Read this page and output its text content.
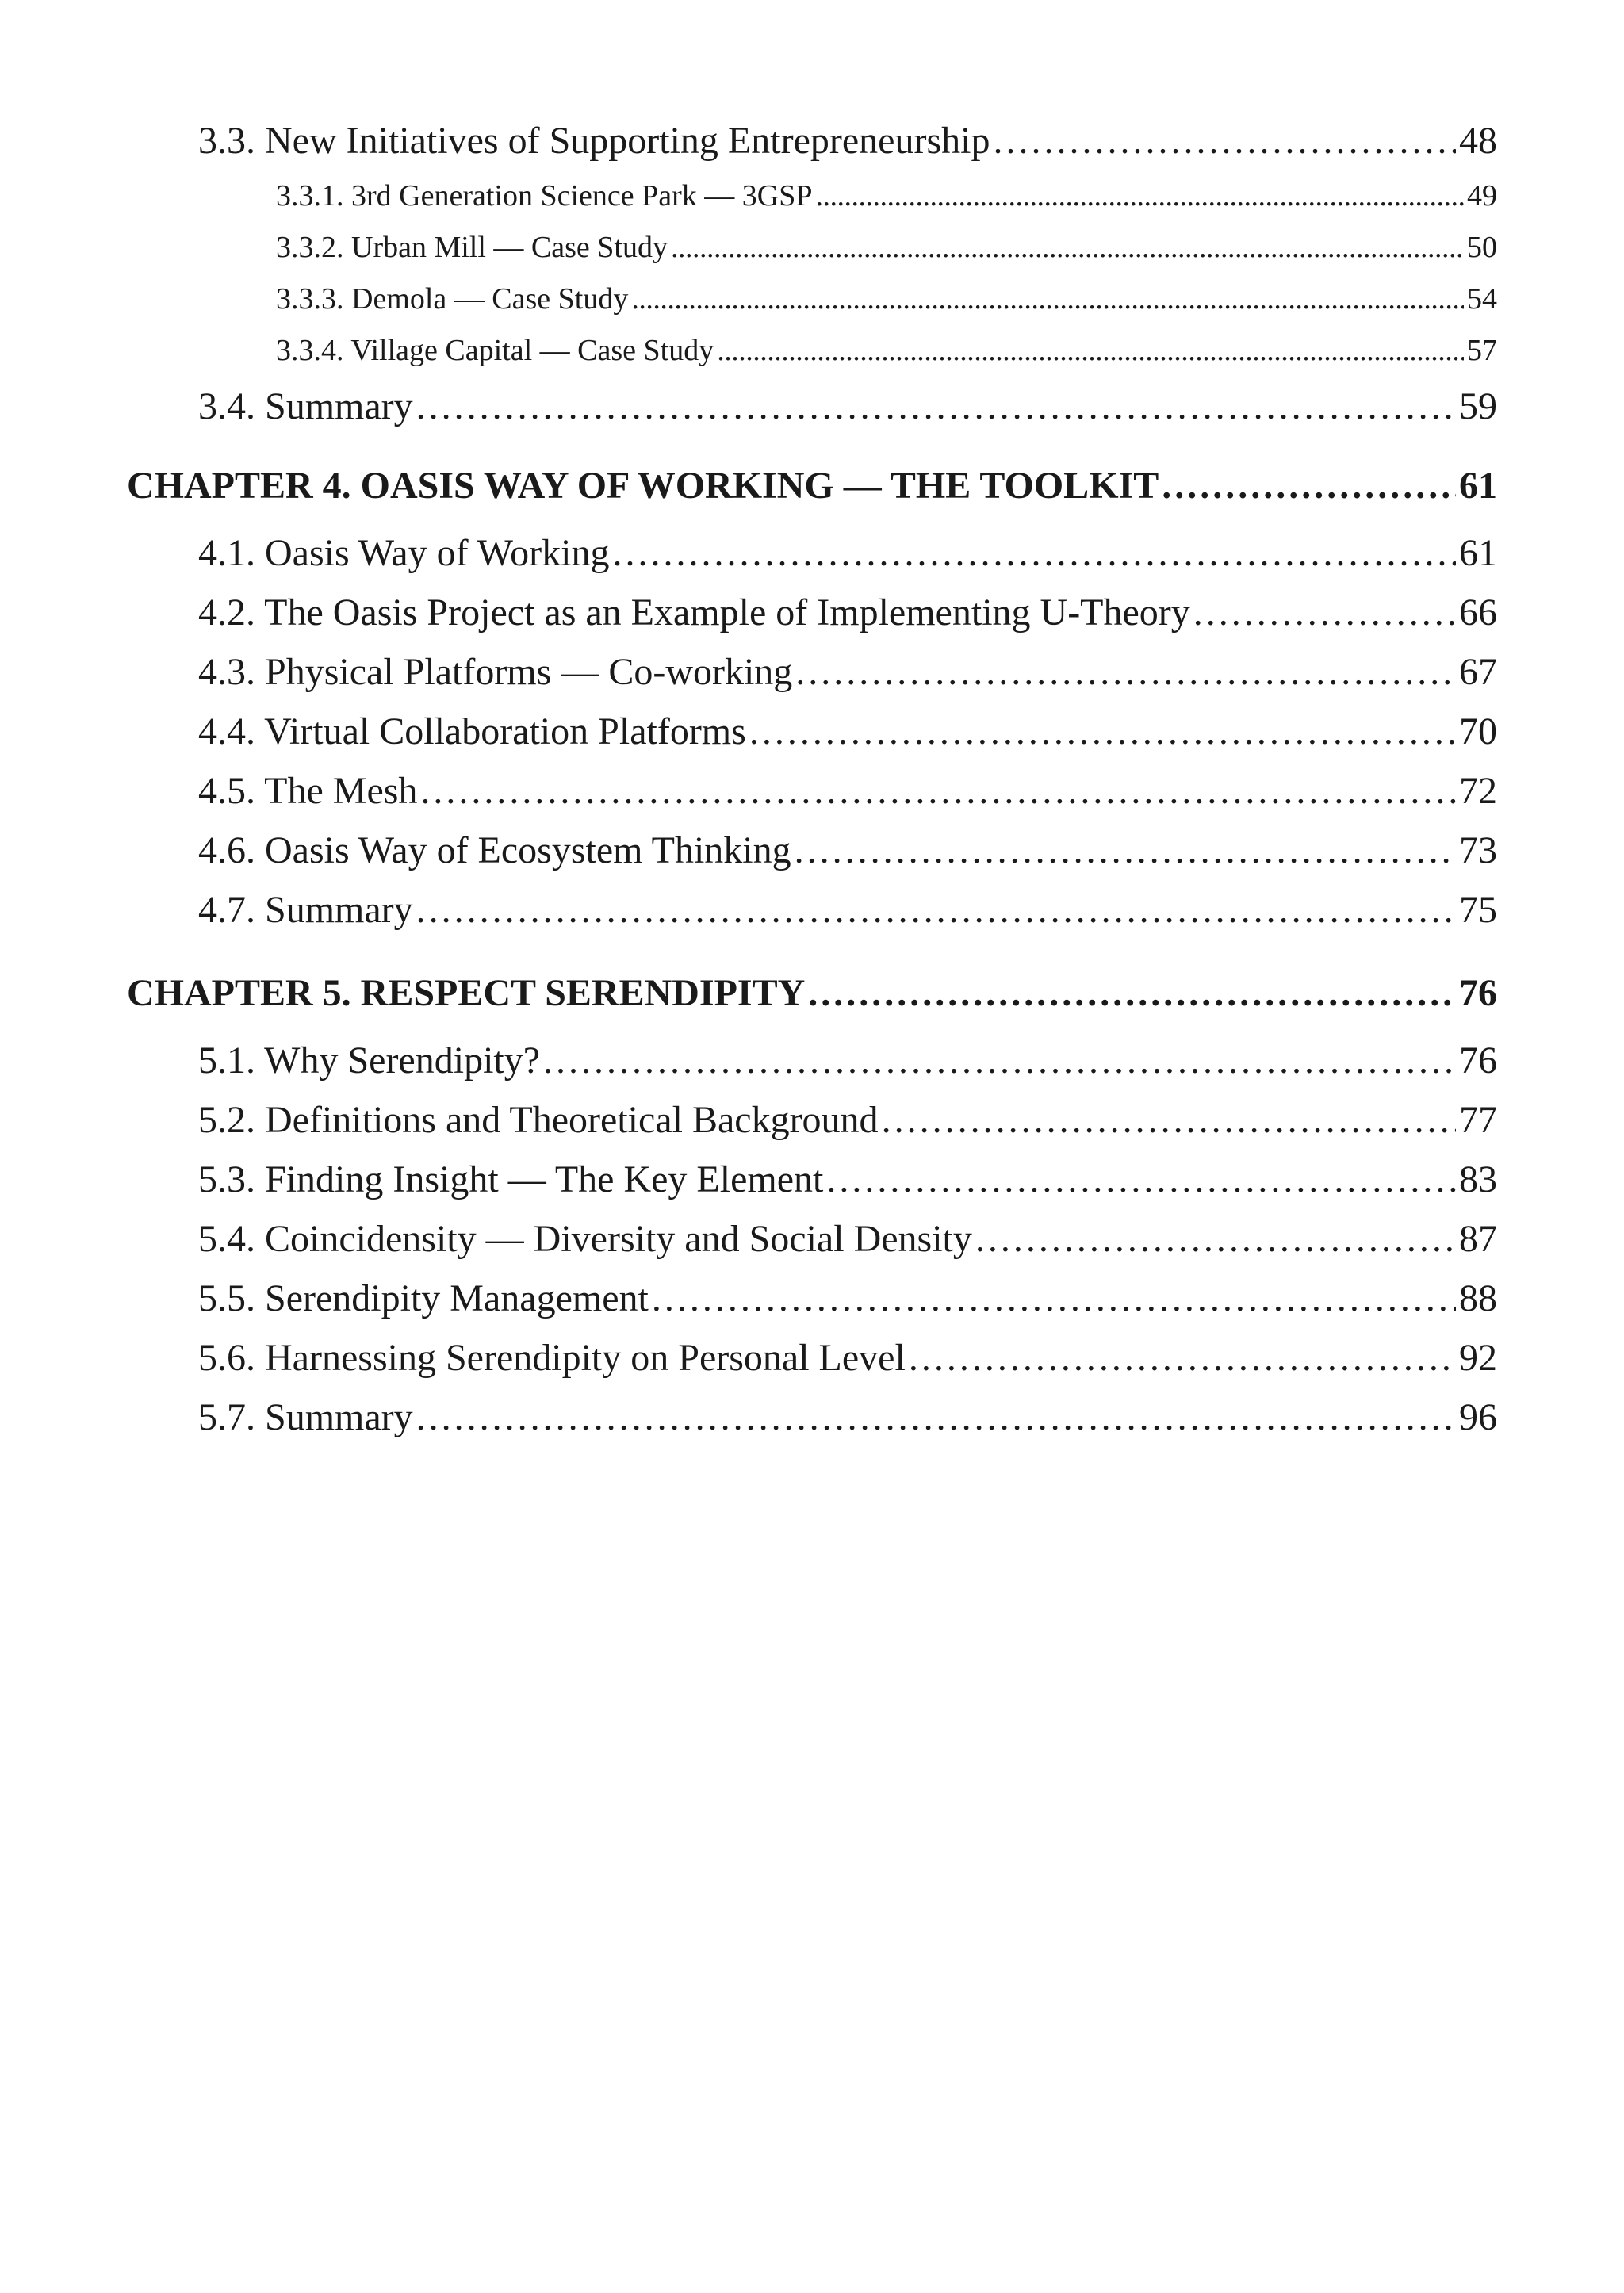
3.3. New Initiatives of Supporting Entrepreneurship . . .	48
3.3.1. 3rd Generation Science Park — 3GSP . . .	49
3.3.2. Urban Mill — Case Study . . .	50
3.3.3. Demola — Case Study . . .	54
3.3.4. Village Capital — Case Study . . .	57
3.4. Summary . . .	59
CHAPTER 4. OASIS WAY OF WORKING — THE TOOLKIT . . .	61
4.1. Oasis Way of Working . . .	61
4.2. The Oasis Project as an Example of Implementing U-Theory . . .	66
4.3. Physical Platforms — Co-working . . .	67
4.4. Virtual Collaboration Platforms . . .	70
4.5. The Mesh . . .	72
4.6. Oasis Way of Ecosystem Thinking . . .	73
4.7. Summary . . .	75
CHAPTER 5. RESPECT SERENDIPITY . . .	76
5.1. Why Serendipity? . . .	76
5.2. Definitions and Theoretical Background . . .	77
5.3. Finding Insight — The Key Element . . .	83
5.4. Coincidensity — Diversity and Social Density . . .	87
5.5. Serendipity Management . . .	88
5.6. Harnessing Serendipity on Personal Level . . .	92
5.7. Summary . . .	96
